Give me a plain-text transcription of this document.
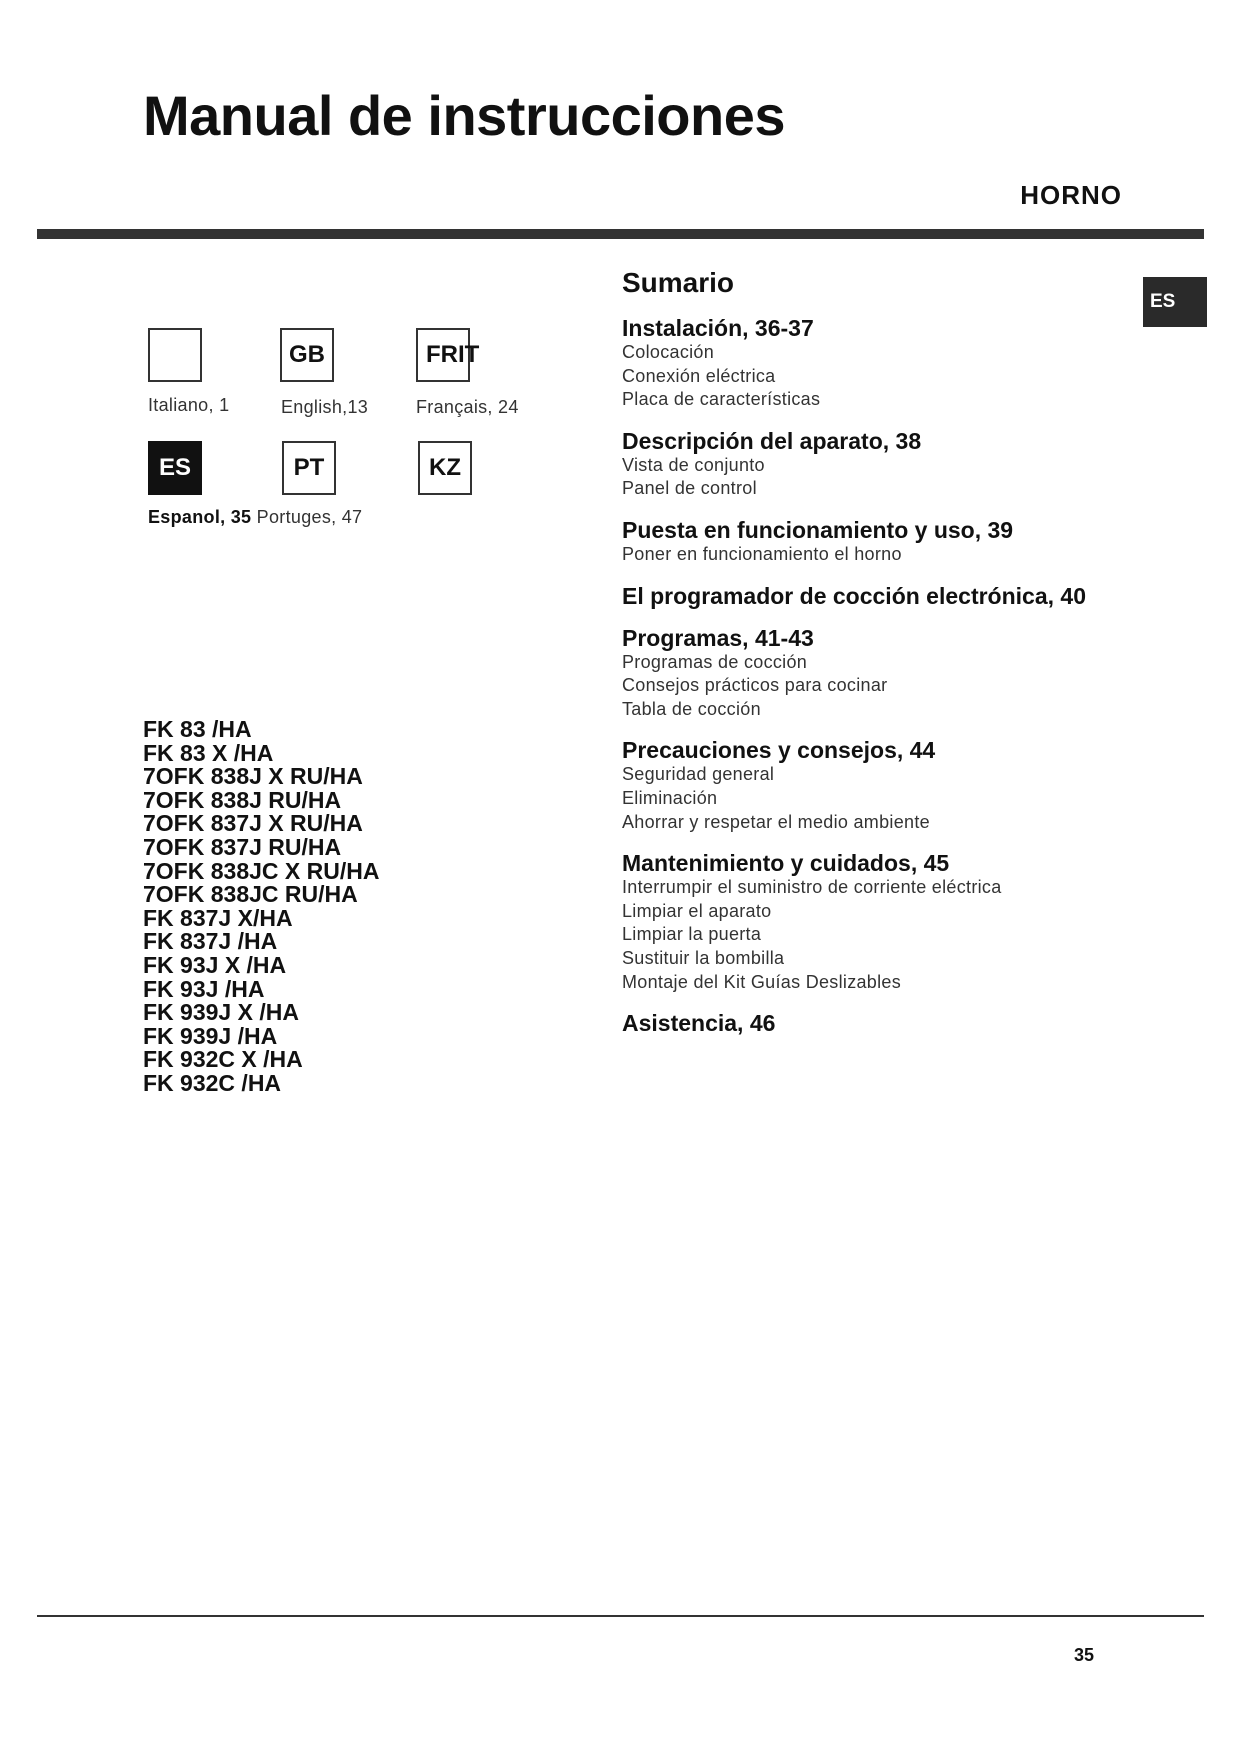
Manual de instrucciones
HORNO
ES
GB	FRIT
Italiano, 1	English,13	Français, 24
ES	PT	KZ
Espanol, 35 Portuges, 47
FK 83 /HA
FK 83 X /HA
7OFK 838J X RU/HA
7OFK 838J RU/HA
7OFK 837J X RU/HA
7OFK 837J RU/HA
7OFK 838JC X RU/HA
7OFK 838JC RU/HA
FK 837J X/HA
FK 837J /HA
FK 93J X /HA
FK 93J /HA
FK 939J X /HA
FK 939J /HA
FK 932C X /HA
FK 932C /HA
Sumario
Instalación, 36-37
Colocación
Conexión eléctrica
Placa de características
Descripción del aparato, 38
Vista de conjunto
Panel de control
Puesta en funcionamiento y uso, 39
Poner en funcionamiento el horno
El programador de cocción electrónica, 40
Programas, 41-43
Programas de cocción
Consejos prácticos para cocinar
Tabla de cocción
Precauciones y consejos, 44
Seguridad general
Eliminación
Ahorrar y respetar el medio ambiente
Mantenimiento y cuidados, 45
Interrumpir el suministro de corriente eléctrica
Limpiar el aparato
Limpiar la puerta
Sustituir la bombilla
Montaje del Kit Guías Deslizables
Asistencia, 46
35
